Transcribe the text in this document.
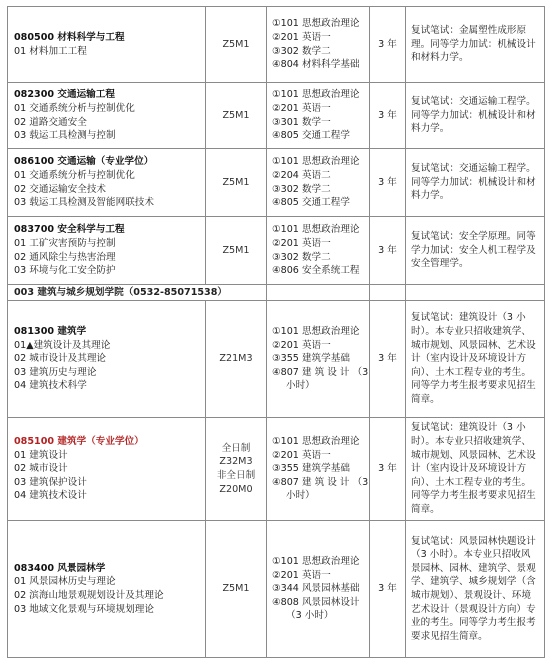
080500 材料科学与工程
01 材料加工工程	Z5M1	①101 思想政治理论
②201 英语一
③302 数学二
④804 材料科学基础	3 年	复试笔试：金属塑性成形原理。同等学力加试：机械设计和材料力学。

082300 交通运输工程
01 交通系统分析与控制优化
02 道路交通安全
03 载运工具检测与控制	Z5M1	①101 思想政治理论
②201 英语一
③301 数学一
④805 交通工程学	3 年	复试笔试：交通运输工程学。同等学力加试：机械设计和材料力学。

086100 交通运输（专业学位）
01 交通系统分析与控制优化
02 交通运输安全技术
03 载运工具检测及智能网联技术	Z5M1	①101 思想政治理论
②204 英语二
③302 数学二
④805 交通工程学	3 年	复试笔试：交通运输工程学。同等学力加试：机械设计和材料力学。

083700 安全科学与工程
01 工矿灾害预防与控制
02 通风除尘与热害治理
03 环境与化工安全防护	Z5M1	①101 思想政治理论
②201 英语一
③302 数学二
④806 安全系统工程	3 年	复试笔试：安全学原理。同等学力加试：安全人机工程学及安全管理学。

003 建筑与城乡规划学院（0532-85071538）				

081300 建筑学
01▲建筑设计及其理论
02 城市设计及其理论
03 建筑历史与理论
04 建筑技术科学	Z21M3	①101 思想政治理论
②201 英语一
③355 建筑学基础
④807 建 筑 设 计 （3
小时）	3 年	复试笔试：建筑设计（3 小时）。本专业只招收建筑学、城市规划、风景园林、艺术设计（室内设计及环境设计方向）、土木工程专业的考生。同等学力考生报考要求见招生简章。

085100 建筑学（专业学位）
01 建筑设计
02 城市设计
03 建筑保护设计
04 建筑技术设计	全日制
Z32M3
非全日制
Z20M0	①101 思想政治理论
②201 英语一
③355 建筑学基础
④807 建 筑 设 计 （3
小时）	3 年	复试笔试：建筑设计（3 小时）。本专业只招收建筑学、城市规划、风景园林、艺术设计（室内设计及环境设计方向）、土木工程专业的考生。同等学力考生报考要求见招生简章。

083400 风景园林学
01 风景园林历史与理论
02 滨海山地景观规划设计及其理论
03 地域文化景观与环境规划理论	Z5M1	①101 思想政治理论
②201 英语一
③344 风景园林基础
④808 风景园林设计
（3 小时）	3 年	复试笔试：风景园林快题设计（3 小时）。本专业只招收风景园林、园林、建筑学、景观学、建筑学、城乡规划学（含城市规划）、景观设计、环境艺术设计（景观设计方向）专业的考生。同等学力考生报考要求见招生简章。
